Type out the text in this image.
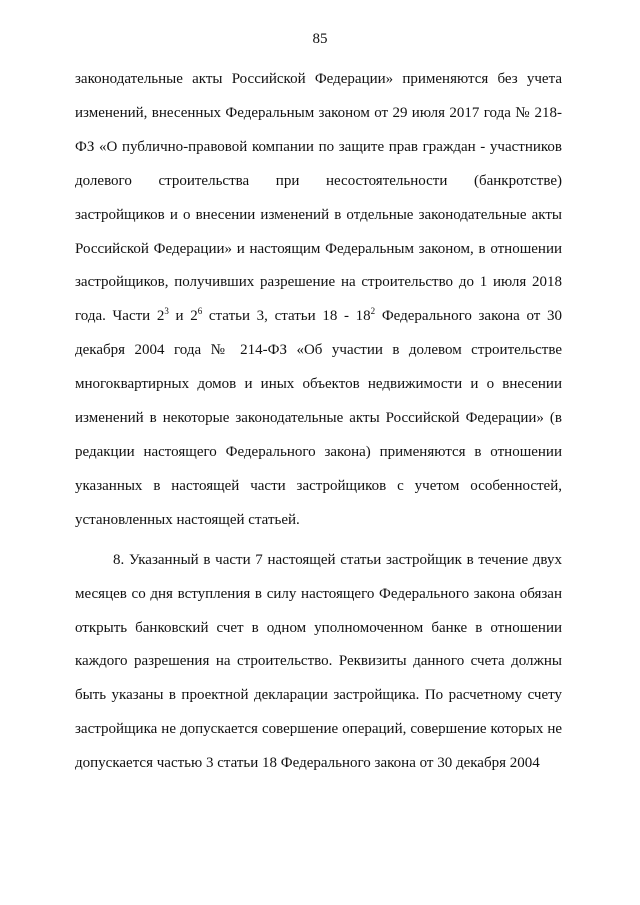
85

законодательные акты Российской Федерации» применяются без учета изменений, внесенных Федеральным законом от 29 июля 2017 года № 218-ФЗ «О публично-правовой компании по защите прав граждан - участников долевого строительства при несостоятельности (банкротстве) застройщиков и о внесении изменений в отдельные законодательные акты Российской Федерации» и настоящим Федеральным законом, в отношении застройщиков, получивших разрешение на строительство до 1 июля 2018 года. Части $2^3$ и $2^6$ статьи 3, статьи $18 - 18^2$ Федерального закона от 30 декабря 2004 года № 214-ФЗ «Об участии в долевом строительстве многоквартирных домов и иных объектов недвижимости и о внесении изменений в некоторые законодательные акты Российской Федерации» (в редакции настоящего Федерального закона) применяются в отношении указанных в настоящей части застройщиков с учетом особенностей, установленных настоящей статьей.

8. Указанный в части 7 настоящей статьи застройщик в течение двух месяцев со дня вступления в силу настоящего Федерального закона обязан открыть банковский счет в одном уполномоченном банке в отношении каждого разрешения на строительство. Реквизиты данного счета должны быть указаны в проектной декларации застройщика. По расчетному счету застройщика не допускается совершение операций, совершение которых не допускается частью 3 статьи 18 Федерального закона от 30 декабря 2004
